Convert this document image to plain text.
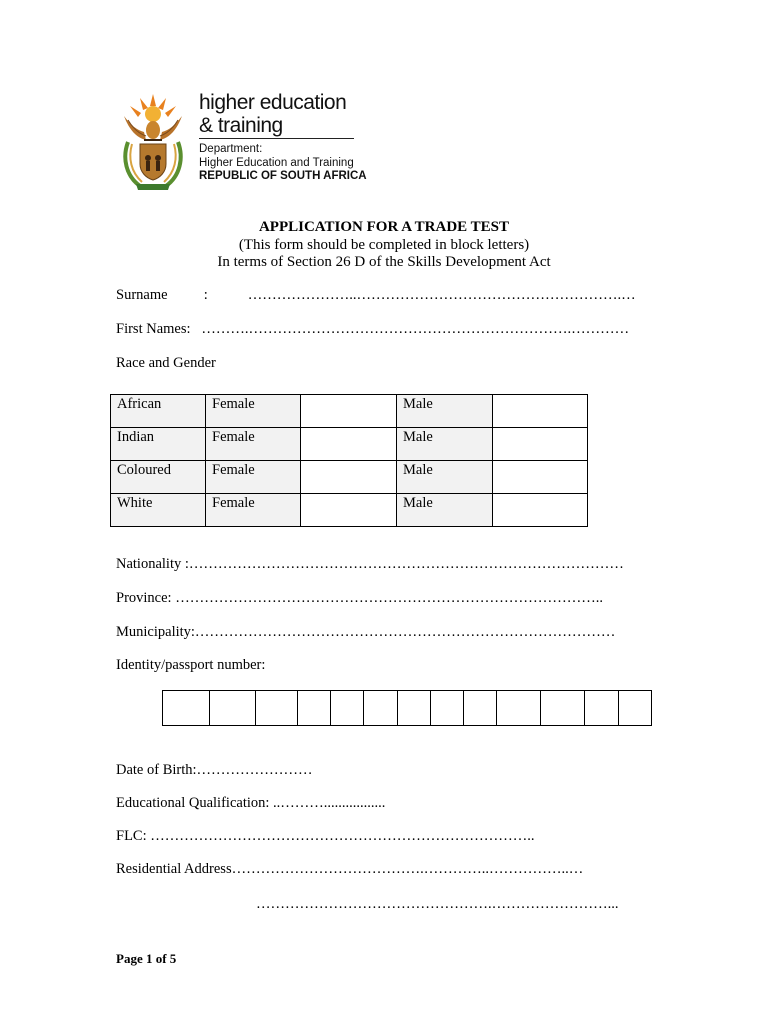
higher education
& training
Department:
Higher Education and Training
REPUBLIC OF SOUTH AFRICA
APPLICATION FOR A TRADE TEST
(This form should be completed in block letters)
In terms of Section 26 D of the Skills Development Act
Surname          :           …………………..……………………………………………….…
First Names:   ……….………………………………………………………….…………
Race and Gender
African	Female		Male	
Indian	Female		Male	
Coloured	Female		Male	
White	Female		Male	
Nationality :………………………………………………………………………………
Province: ……………………………………………………………………………..
Municipality:……………………………………………………………………………
Identity/passport number:
Date of Birth:……………………
Educational Qualification: ..……….................
FLC: ……………………………………………………………………..
Residential Address………………………………….…………..……………..…
………………………………………….……………………...
Page 1 of 5
